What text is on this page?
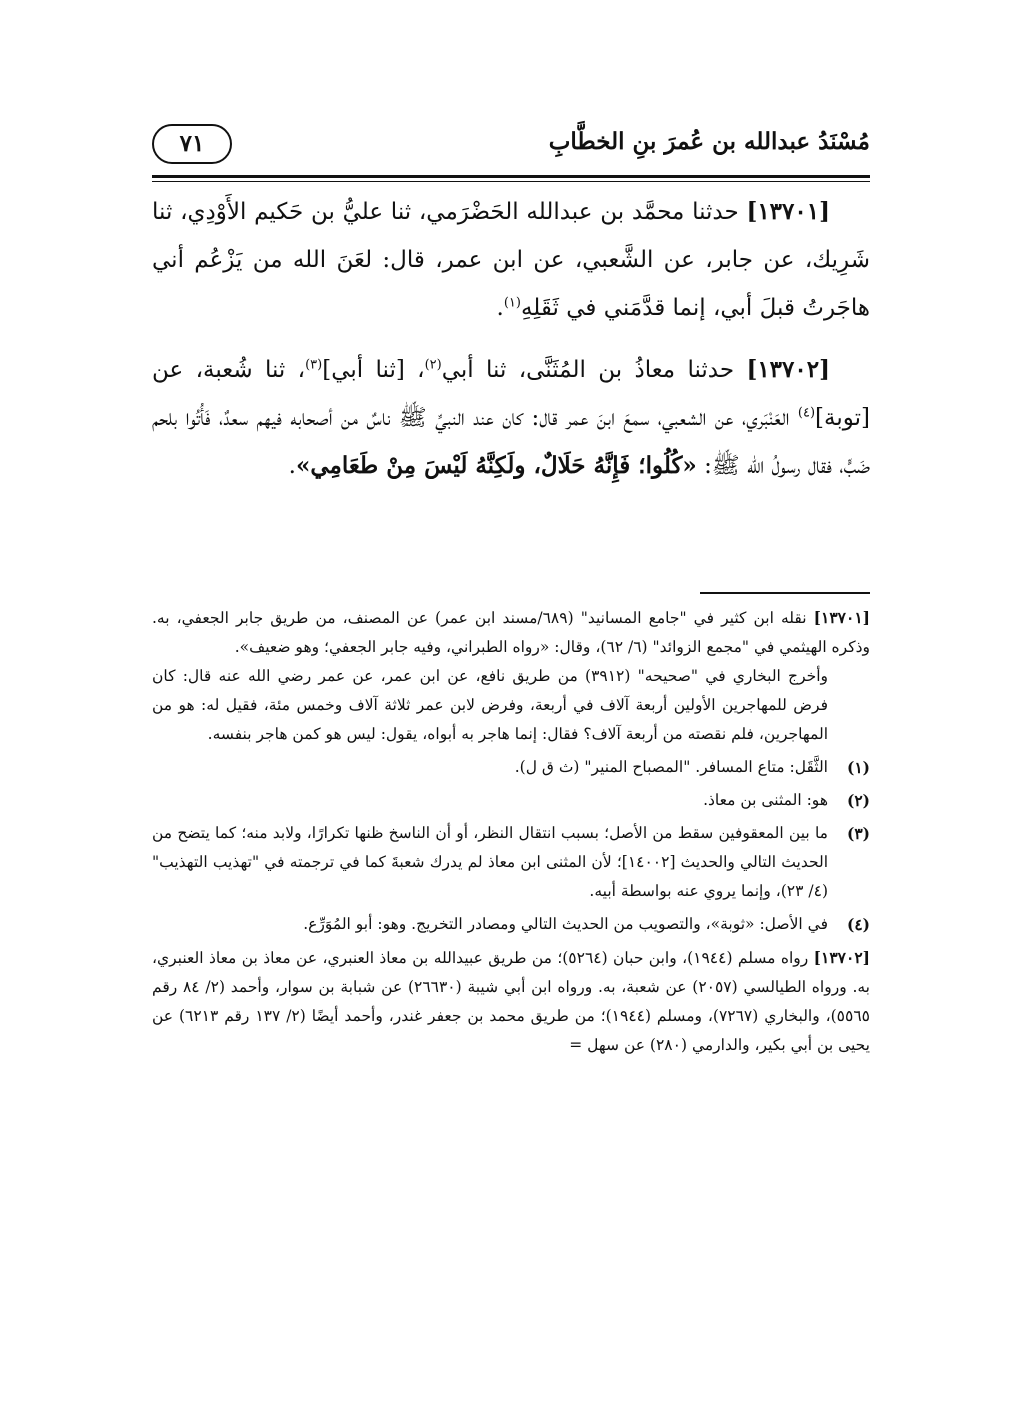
مُسْنَدُ عبدالله بن عُمرَ بنِ الخطَّابِ
٧١

[١٣٧٠١] حدثنا محمَّد بن عبدالله الحَضْرَمي، ثنا عليُّ بن حَكيم الأَوْدِي، ثنا شَرِيك، عن جابر، عن الشَّعبي، عن ابن عمر، قال: لعَنَ الله من يَزْعُم أني هاجَرتُ قبلَ أبي، إنما قدَّمَني في ثَقَلِهِ$^{(١)}$.

[١٣٧٠٢] حدثنا معاذُ بن المُثَنَّى، ثنا أبي$^{(٢)}$، [ثنا أبي]$^{(٣)}$، ثنا شُعبة، عن [توبة]$^{(٤)}$ العَنْبَري، عن الشعبي، سمعَ ابنَ عمر قال: كان عند النبيِّ ﷺ ناسٌ من أصحابه فيهم سعدٌ، فَأُتُوا بلحم ضَبٍّ، فقال رسولُ الله ﷺ: «كُلُوا؛ فَإِنَّهُ حَلَالٌ، ولَكِنَّهُ لَيْسَ مِنْ طَعَامِي».

[١٣٧٠١] نقله ابن كثير في "جامع المسانيد" (٦٨٩/مسند ابن عمر) عن المصنف، من طريق جابر الجعفي، به. وذكره الهيثمي في "مجمع الزوائد" (٦/ ٦٢)، وقال: «رواه الطبراني، وفيه جابر الجعفي؛ وهو ضعيف».

وأخرج البخاري في "صحيحه" (٣٩١٢) من طريق نافع، عن ابن عمر، عن عمر رضي الله عنه قال: كان فرض للمهاجرين الأولين أربعة آلاف في أربعة، وفرض لابن عمر ثلاثة آلاف وخمس مئة، فقيل له: هو من المهاجرين، فلم نقصته من أربعة آلاف؟ فقال: إنما هاجر به أبواه، يقول: ليس هو كمن هاجر بنفسه.

(١)
الثَّقَل: متاع المسافر. "المصباح المنير" (ث ق ل).
(٢)
هو: المثنى بن معاذ.
(٣)
ما بين المعقوفين سقط من الأصل؛ بسبب انتقال النظر، أو أن الناسخ ظنها تكرارًا، ولابد منه؛ كما يتضح من الحديث التالي والحديث [١٤٠٠٢]؛ لأن المثنى ابن معاذ لم يدرك شعبةَ كما في ترجمته في "تهذيب التهذيب" (٤/ ٢٣)، وإنما يروي عنه بواسطة أبيه.
(٤)
في الأصل: «ثوبة»، والتصويب من الحديث التالي ومصادر التخريج. وهو: أبو المُوَرِّع.

[١٣٧٠٢] رواه مسلم (١٩٤٤)، وابن حبان (٥٢٦٤)؛ من طريق عبيدالله بن معاذ العنبري، عن معاذ بن معاذ العنبري، به. ورواه الطيالسي (٢٠٥٧) عن شعبة، به. ورواه ابن أبي شيبة (٢٦٦٣٠) عن شبابة بن سوار، وأحمد (٢/ ٨٤ رقم ٥٥٦٥)، والبخاري (٧٢٦٧)، ومسلم (١٩٤٤)؛ من طريق محمد بن جعفر غندر، وأحمد أيضًا (٢/ ١٣٧ رقم ٦٢١٣) عن يحيى بن أبي بكير، والدارمي (٢٨٠) عن سهل =
